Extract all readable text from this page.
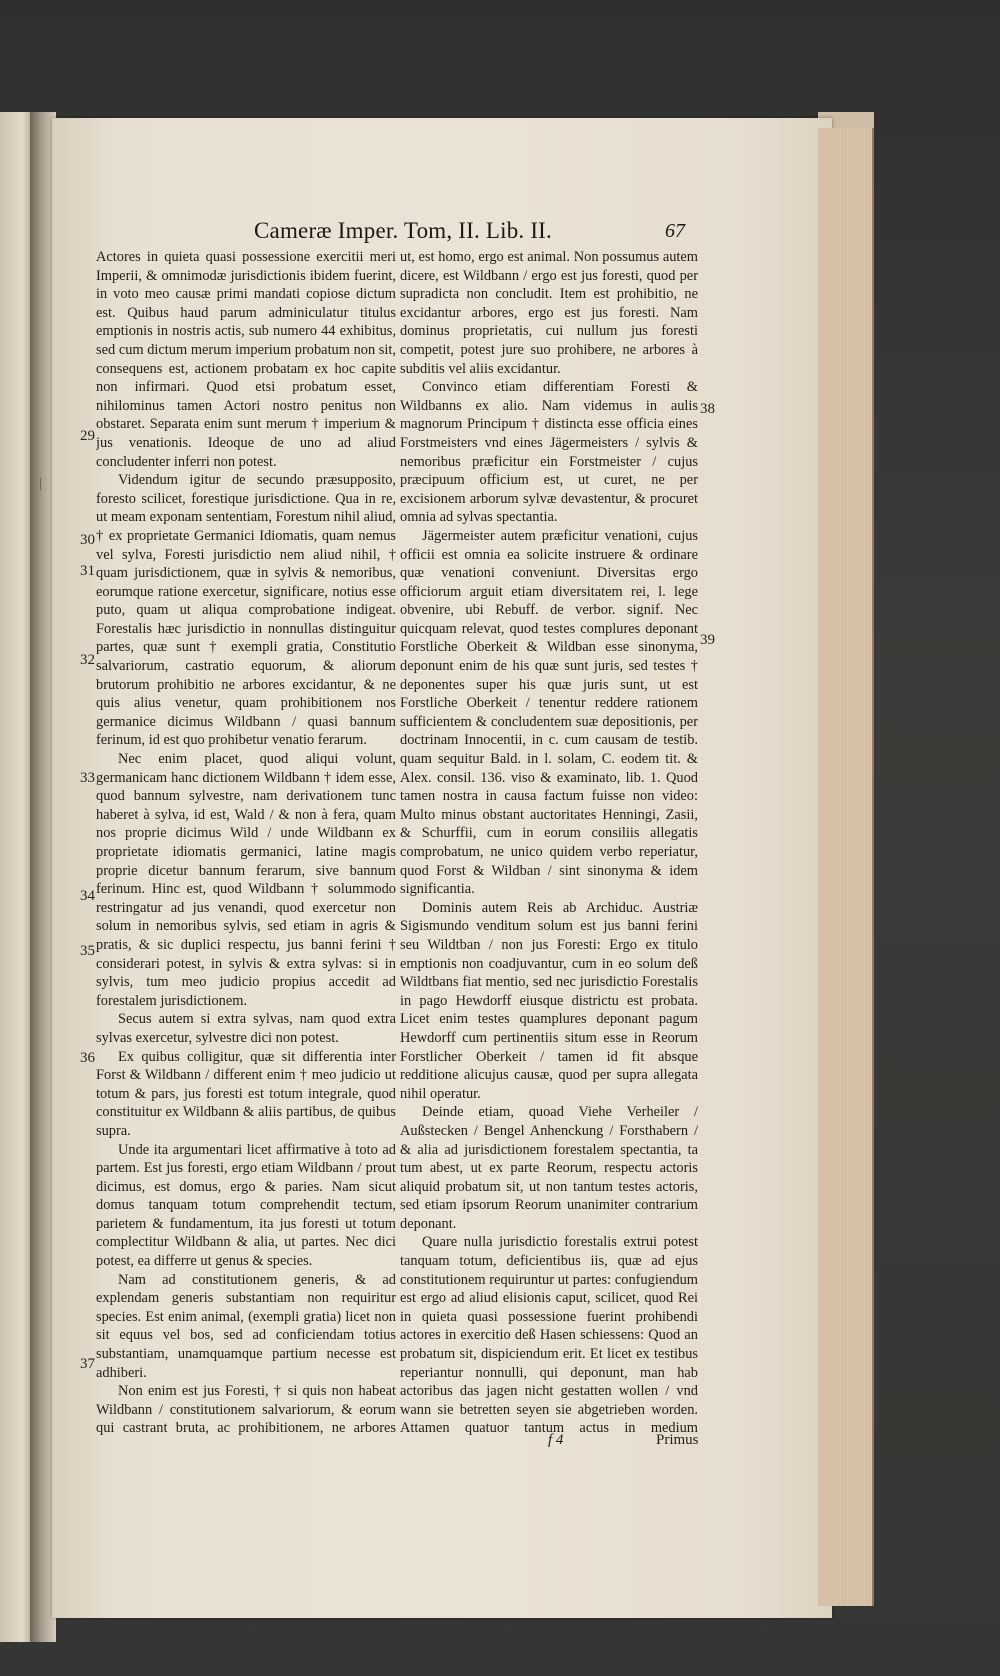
Cameræ Imper. Tom, II. Lib. II.	67

Actores in quieta quasi possessione exercitii meri Imperii, & omnimodæ jurisdictionis ibidem fuerint, in voto meo causæ primi mandati copiose dictum est. Quibus haud parum adminiculatur titulus emptionis in nostris actis, sub numero 44 exhibitus, sed cum dictum merum imperium probatum non sit, consequens est, actionem probatam ex hoc capite non infirmari. Quod etsi probatum esset, nihilominus tamen Actori nostro penitus non obstaret. Separata enim sunt merum † imperium & jus venationis. Ideoque de uno ad aliud concludenter inferri non potest.

Videndum igitur de secundo præsupposito, foresto scilicet, forestique jurisdictione. Qua in re, ut meam exponam sententiam, Forestum nihil aliud, † ex proprietate Germanici Idiomatis, quam nemus vel sylva, Foresti jurisdictio nem aliud nihil, † quam jurisdictionem, quæ in sylvis & nemoribus, eorumque ratione exercetur, significare, notius esse puto, quam ut aliqua comprobatione indigeat. Forestalis hæc jurisdictio in nonnullas distinguitur partes, quæ sunt † exempli gratia, Constitutio salvariorum, castratio equorum, & aliorum brutorum prohibitio ne arbores excidantur, & ne quis alius venetur, quam prohibitionem nos germanice dicimus Wildbann / quasi bannum ferinum, id est quo prohibetur venatio ferarum.

Nec enim placet, quod aliqui volunt, germanicam hanc dictionem Wildbann † idem esse, quod bannum sylvestre, nam derivationem tunc haberet à sylva, id est, Wald / & non à fera, quam nos proprie dicimus Wild / unde Wildbann ex proprietate idiomatis germanici, latine magis proprie dicetur bannum ferarum, sive bannum ferinum. Hinc est, quod Wildbann † solummodo restringatur ad jus venandi, quod exercetur non solum in nemoribus sylvis, sed etiam in agris & pratis, & sic duplici respectu, jus banni ferini † considerari potest, in sylvis & extra sylvas: si in sylvis, tum meo judicio propius accedit ad forestalem jurisdictionem.

Secus autem si extra sylvas, nam quod extra sylvas exercetur, sylvestre dici non potest.

Ex quibus colligitur, quæ sit differentia inter Forst & Wildbann / different enim † meo judicio ut totum & pars, jus foresti est totum integrale, quod constituitur ex Wildbann & aliis partibus, de quibus supra.

Unde ita argumentari licet affirmative à toto ad partem. Est jus foresti, ergo etiam Wildbann / prout dicimus, est domus, ergo & paries. Nam sicut domus tanquam totum comprehendit tectum, parietem & fundamentum, ita jus foresti ut totum complectitur Wildbann & alia, ut partes. Nec dici potest, ea differre ut genus & species.

Nam ad constitutionem generis, & ad explendam generis substantiam non requiritur species. Est enim animal, (exempli gratia) licet non sit equus vel bos, sed ad conficiendam totius substantiam, unamquamque partium necesse est adhiberi.

Non enim est jus Foresti, † si quis non habeat Wildbann / constitutionem salvariorum, & eorum qui castrant bruta, ac prohibitionem, ne arbores

ut, est homo, ergo est animal. Non possumus autem dicere, est Wildbann / ergo est jus foresti, quod per supradicta non concludit. Item est prohibitio, ne excidantur arbores, ergo est jus foresti. Nam dominus proprietatis, cui nullum jus foresti competit, potest jure suo prohibere, ne arbores à subditis vel aliis excidantur.

Convinco etiam differentiam Foresti & Wildbanns ex alio. Nam videmus in aulis magnorum Principum † distincta esse officia eines Forstmeisters vnd eines Jägermeisters / sylvis & nemoribus præficitur ein Forstmeister / cujus præcipuum officium est, ut curet, ne per excisionem arborum sylvæ devastentur, & procuret omnia ad sylvas spectantia.

Jägermeister autem præficitur venationi, cujus officii est omnia ea solicite instruere & ordinare quæ venationi conveniunt. Diversitas ergo officiorum arguit etiam diversitatem rei, l. lege obvenire, ubi Rebuff. de verbor. signif. Nec quicquam relevat, quod testes complures deponant Forstliche Oberkeit & Wildban esse sinonyma, deponunt enim de his quæ sunt juris, sed testes † deponentes super his quæ juris sunt, ut est Forstliche Oberkeit / tenentur reddere rationem sufficientem & concludentem suæ depositionis, per doctrinam Innocentii, in c. cum causam de testib. quam sequitur Bald. in l. solam, C. eodem tit. & Alex. consil. 136. viso & examinato, lib. 1. Quod tamen nostra in causa factum fuisse non video: Multo minus obstant auctoritates Henningi, Zasii, & Schurffii, cum in eorum consiliis allegatis comprobatum, ne unico quidem verbo reperiatur, quod Forst & Wildban / sint sinonyma & idem significantia.

Dominis autem Reis ab Archiduc. Austriæ Sigismundo venditum solum est jus banni ferini seu Wildtban / non jus Foresti: Ergo ex titulo emptionis non coadjuvantur, cum in eo solum deß Wildtbans fiat mentio, sed nec jurisdictio Forestalis in pago Hewdorff eiusque districtu est probata. Licet enim testes quamplures deponant pagum Hewdorff cum pertinentiis situm esse in Reorum Forstlicher Oberkeit / tamen id fit absque redditione alicujus causæ, quod per supra allegata nihil operatur.

Deinde etiam, quoad Viehe Verheiler / Außstecken / Bengel Anhenckung / Forsthabern / & alia ad jurisdictionem forestalem spectantia, ta tum abest, ut ex parte Reorum, respectu actoris aliquid probatum sit, ut non tantum testes actoris, sed etiam ipsorum Reorum unanimiter contrarium deponant.

Quare nulla jurisdictio forestalis extrui potest tanquam totum, deficientibus iis, quæ ad ejus constitutionem requiruntur ut partes: confugiendum est ergo ad aliud elisionis caput, scilicet, quod Rei in quieta quasi possessione fuerint prohibendi actores in exercitio deß Hasen schiessens: Quod an probatum sit, dispiciendum erit. Et licet ex testibus reperiantur nonnulli, qui deponunt, man hab actoribus das jagen nicht gestatten wollen / vnd wann sie betretten seyen sie abgetrieben worden. Attamen quatuor tantum actus in medium

29
30
31
32
33
34
35
36
37
38
39
f 4	Primus
